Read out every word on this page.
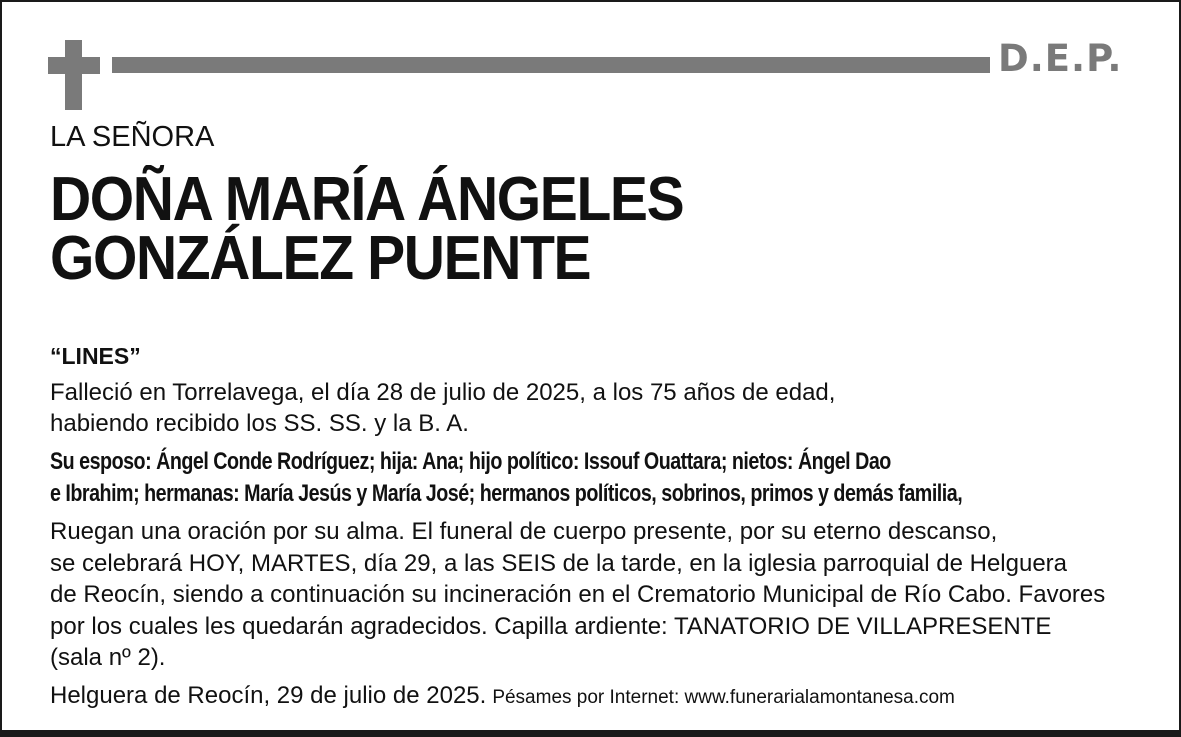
D.E.P.
LA SEÑORA
DOÑA MARÍA ÁNGELES
GONZÁLEZ PUENTE
“LINES”
Falleció en Torrelavega, el día 28 de julio de 2025, a los 75 años de edad,
habiendo recibido los SS. SS. y la B. A.
Su esposo: Ángel Conde Rodríguez; hija: Ana; hijo político: Issouf Ouattara; nietos: Ángel Dao
e Ibrahim; hermanas: María Jesús y María José; hermanos políticos, sobrinos, primos y demás familia,
Ruegan una oración por su alma. El funeral de cuerpo presente, por su eterno descanso,
se celebrará HOY, MARTES, día 29, a las SEIS de la tarde, en la iglesia parroquial de Helguera
de Reocín, siendo a continuación su incineración en el Crematorio Municipal de Río Cabo. Favores
por los cuales les quedarán agradecidos. Capilla ardiente: TANATORIO DE VILLAPRESENTE
(sala nº 2).
Helguera de Reocín, 29 de julio de 2025. Pésames por Internet: www.funerarialamontanesa.com
